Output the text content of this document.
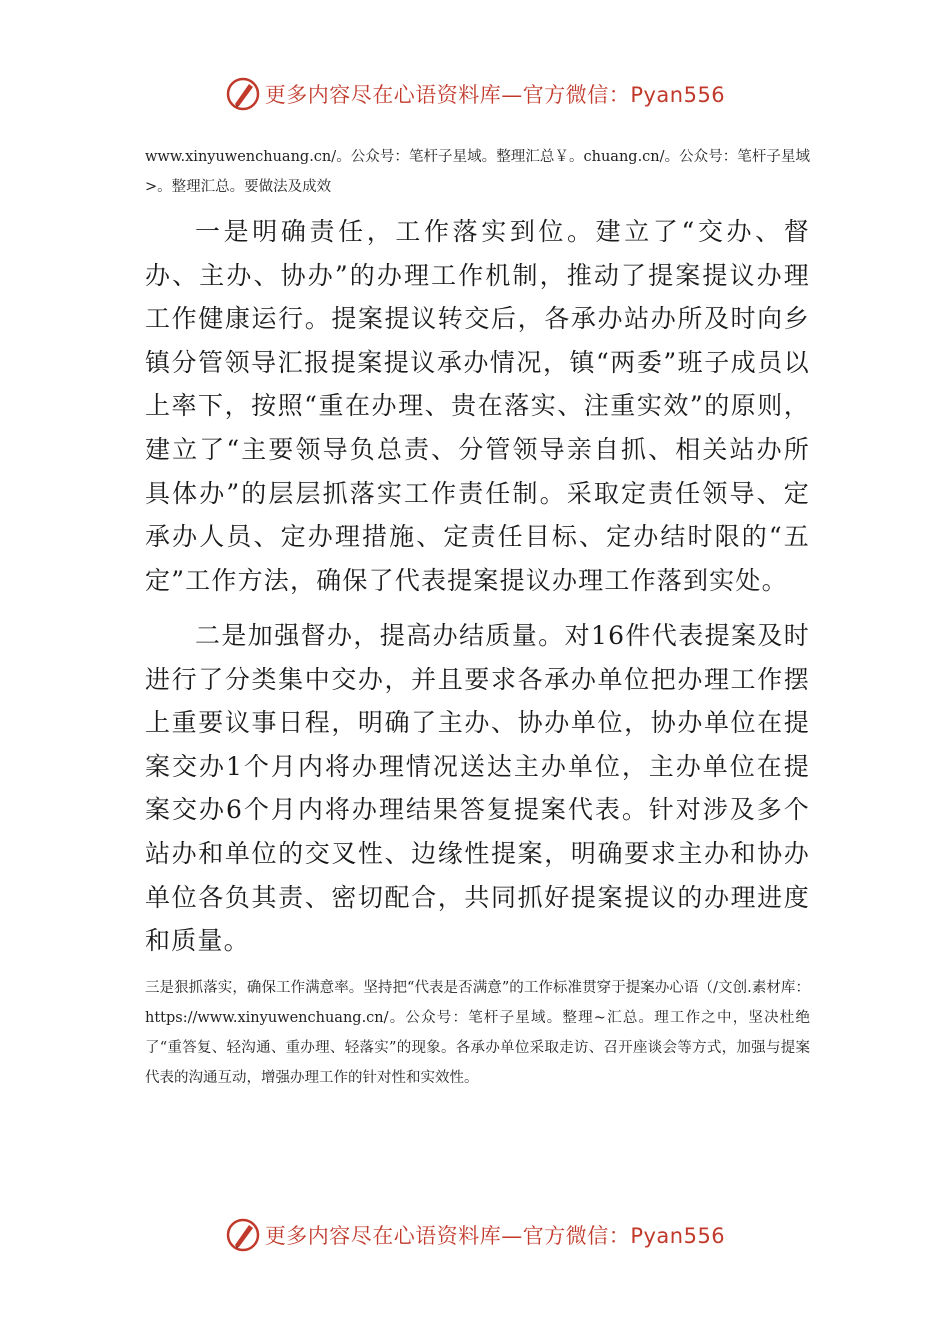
更多内容尽在心语资料库—官方微信：Pyan556
www.xinyuwenchuang.cn/。公众号：笔杆子星域。整理汇总￥。chuang.cn/。公众号：笔杆子星域>。整理汇总。要做法及成效
一是明确责任，工作落实到位。建立了“交办、督办、主办、协办”的办理工作机制，推动了提案提议办理工作健康运行。提案提议转交后，各承办站办所及时向乡镇分管领导汇报提案提议承办情况，镇“两委”班子成员以上率下，按照“重在办理、贵在落实、注重实效”的原则，建立了“主要领导负总责、分管领导亲自抓、相关站办所具体办”的层层抓落实工作责任制。采取定责任领导、定承办人员、定办理措施、定责任目标、定办结时限的“五定”工作方法，确保了代表提案提议办理工作落到实处。
二是加强督办，提高办结质量。对16件代表提案及时进行了分类集中交办，并且要求各承办单位把办理工作摆上重要议事日程，明确了主办、协办单位，协办单位在提案交办1个月内将办理情况送达主办单位，主办单位在提案交办6个月内将办理结果答复提案代表。针对涉及多个站办和单位的交叉性、边缘性提案，明确要求主办和协办单位各负其责、密切配合，共同抓好提案提议的办理进度和质量。
三是狠抓落实，确保工作满意率。坚持把“代表是否满意”的工作标准贯穿于提案办心语（/文创.素材库：https://www.xinyuwenchuang.cn/。公众号：笔杆子星域。整理~汇总。理工作之中，坚决杜绝了“重答复、轻沟通、重办理、轻落实”的现象。各承办单位采取走访、召开座谈会等方式，加强与提案代表的沟通互动，增强办理工作的针对性和实效性。
更多内容尽在心语资料库—官方微信：Pyan556
